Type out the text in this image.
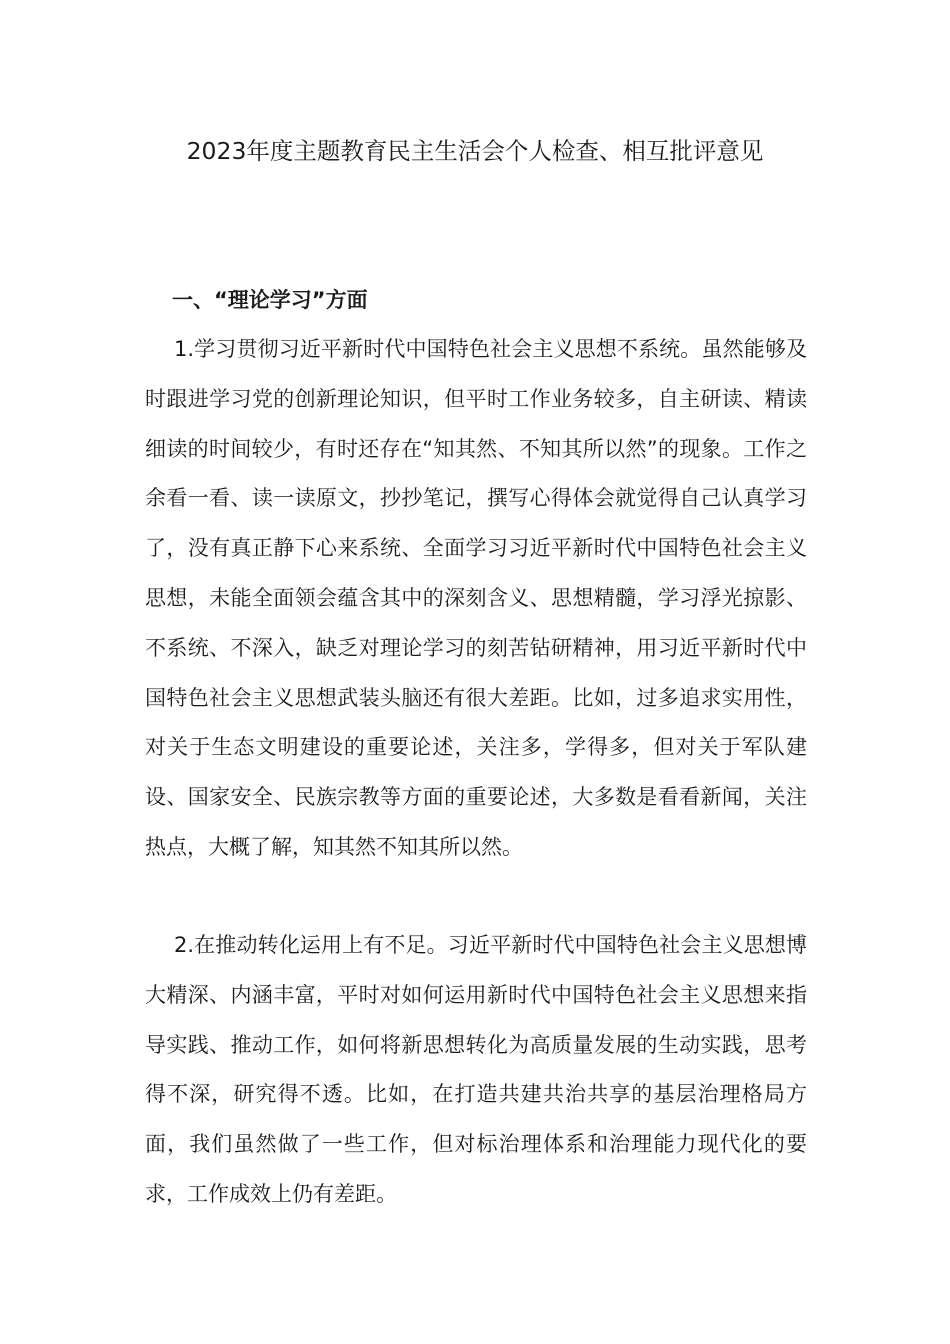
2023年度主题教育民主生活会个人检查、相互批评意见
一、“理论学习”方面

1.学习贯彻习近平新时代中国特色社会主义思想不系统。虽然能够及时跟进学习党的创新理论知识，但平时工作业务较多，自主研读、精读细读的时间较少，有时还存在“知其然、不知其所以然”的现象。工作之余看一看、读一读原文，抄抄笔记，撰写心得体会就觉得自己认真学习了，没有真正静下心来系统、全面学习习近平新时代中国特色社会主义思想，未能全面领会蕴含其中的深刻含义、思想精髓，学习浮光掠影、不系统、不深入，缺乏对理论学习的刻苦钻研精神，用习近平新时代中国特色社会主义思想武装头脑还有很大差距。比如，过多追求实用性，对关于生态文明建设的重要论述，关注多，学得多，但对关于军队建设、国家安全、民族宗教等方面的重要论述，大多数是看看新闻，关注热点，大概了解，知其然不知其所以然。

2.在推动转化运用上有不足。习近平新时代中国特色社会主义思想博大精深、内涵丰富，平时对如何运用新时代中国特色社会主义思想来指导实践、推动工作，如何将新思想转化为高质量发展的生动实践，思考得不深，研究得不透。比如，在打造共建共治共享的基层治理格局方面，我们虽然做了一些工作，但对标治理体系和治理能力现代化的要求，工作成效上仍有差距。
